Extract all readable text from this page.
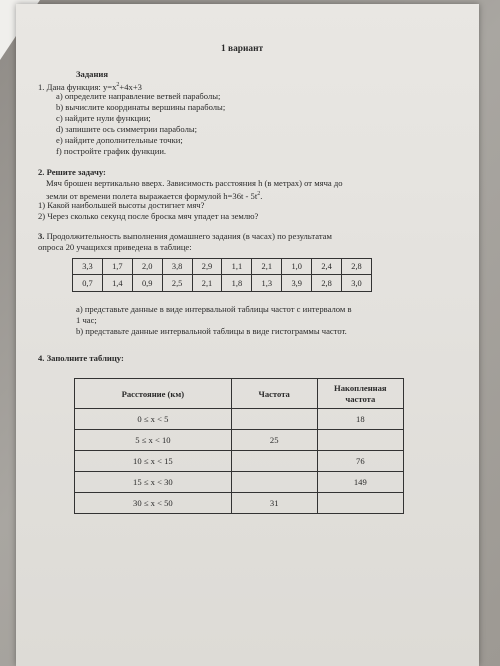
1 вариант
Задания
1. Дана функция: $y=x^2+4x+3$
а) определите направление ветвей параболы;
b) вычислите координаты вершины параболы;
c) найдите нули функции;
d) запишите ось симметрии параболы;
e) найдите дополнительные точки;
f) постройте график функции.
2. Решите задачу:
Мяч брошен вертикально вверх. Зависимость расстояния h (в метрах) от мяча до
земли от времени полета выражается формулой $h=36t - 5t^2$.
1) Какой наибольшей высоты достигнет мяч?
2) Через сколько секунд после броска мяч упадет на землю?
3. Продолжительность выполнения домашнего задания (в часах) по результатам
опроса 20 учащихся приведена в таблице:
3,3	1,7	2,0	3,8	2,9	1,1	2,1	1,0	2,4	2,8
0,7	1,4	0,9	2,5	2,1	1,8	1,3	3,9	2,8	3,0
а) представьте данные в виде интервальной таблицы частот с интервалом в
1 час;
b) представьте данные интервальной таблицы в виде гистограммы частот.
4. Заполните таблицу:
Расстояние (км)	Частота	Накопленная
частота
0 ≤ x < 5		18
5 ≤ x < 10	25	
10 ≤ x < 15		76
15 ≤ x < 30		149
30 ≤ x < 50	31	
